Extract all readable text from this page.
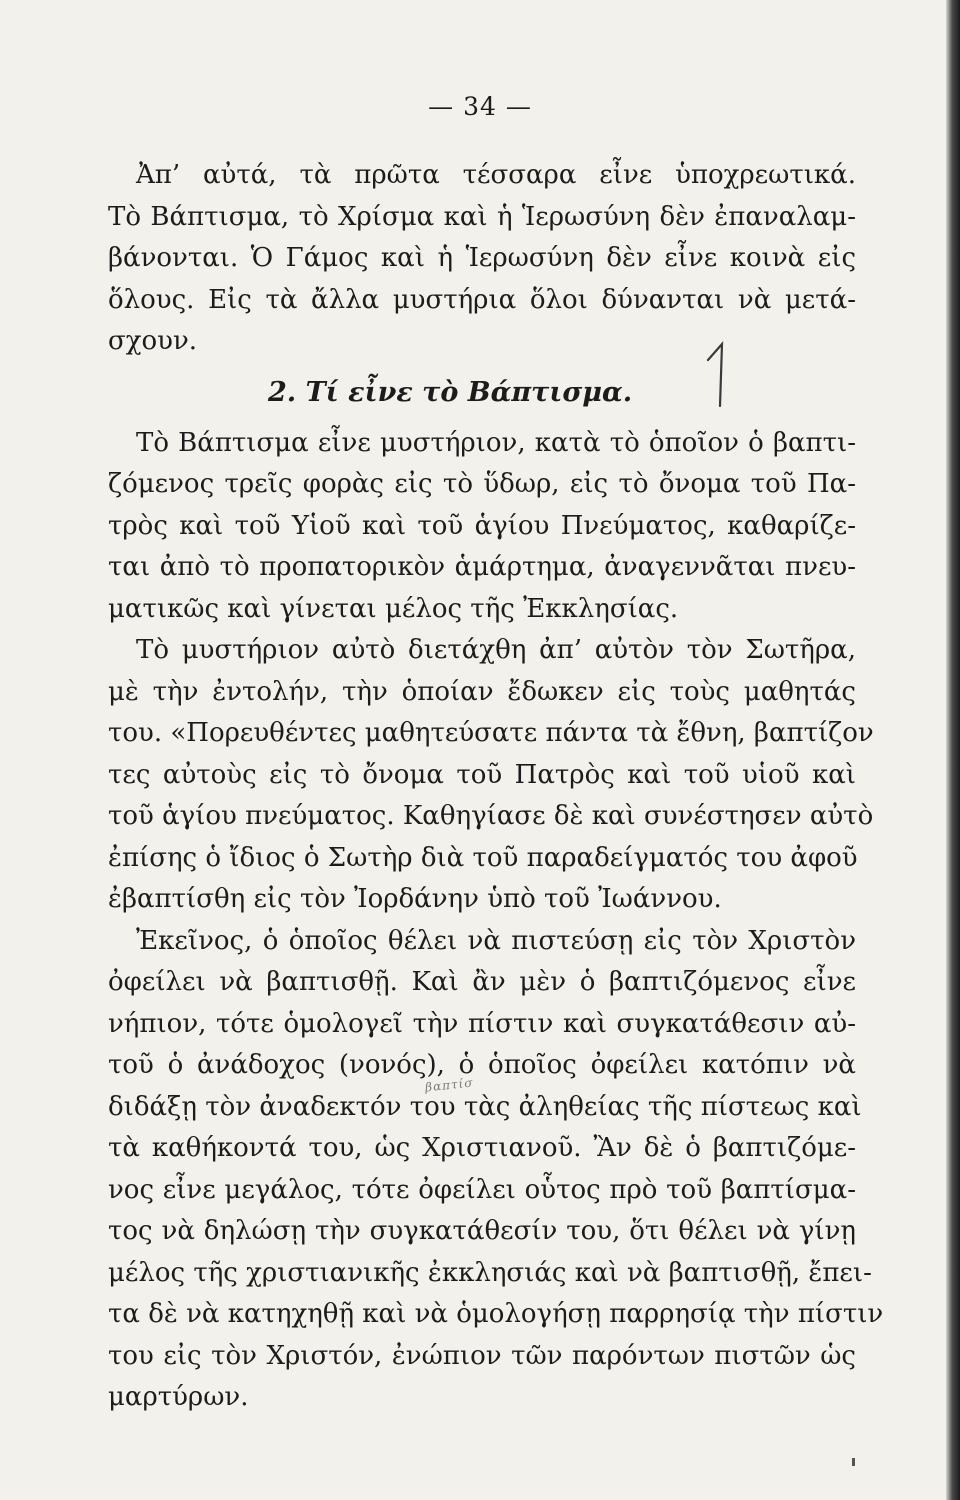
— 34 —
Ἀπ’ αὐτά, τὰ πρῶτα τέσσαρα εἶνε ὑποχρεωτικά.
Τὸ Βάπτισμα, τὸ Χρίσμα καὶ ἡ Ἱερωσύνη δὲν ἐπαναλαμ-
βάνονται. Ὁ Γάμος καὶ ἡ Ἱερωσύνη δὲν εἶνε κοινὰ εἰς
ὅλους. Εἰς τὰ ἄλλα μυστήρια ὅλοι δύνανται νὰ μετά-
σχουν.
2. Τί εἶνε τὸ Βάπτισμα.
Τὸ Βάπτισμα εἶνε μυστήριον, κατὰ τὸ ὁποῖον ὁ βαπτι-
ζόμενος τρεῖς φορὰς εἰς τὸ ὕδωρ, εἰς τὸ ὄνομα τοῦ Πα-
τρὸς καὶ τοῦ Υἱοῦ καὶ τοῦ ἁγίου Πνεύματος, καθαρίζε-
ται ἀπὸ τὸ προπατορικὸν ἁμάρτημα, ἀναγεννᾶται πνευ-
ματικῶς καὶ γίνεται μέλος τῆς Ἐκκλησίας.
Τὸ μυστήριον αὐτὸ διετάχθη ἀπ’ αὐτὸν τὸν Σωτῆρα,
μὲ τὴν ἐντολήν, τὴν ὁποίαν ἔδωκεν εἰς τοὺς μαθητάς
του. «Πορευθέντες μαθητεύσατε πάντα τὰ ἔθνη, βαπτίζον
τες αὐτοὺς εἰς τὸ ὄνομα τοῦ Πατρὸς καὶ τοῦ υἱοῦ καὶ
τοῦ ἁγίου πνεύματος. Καθηγίασε δὲ καὶ συνέστησεν αὐτὸ
ἐπίσης ὁ ἴδιος ὁ Σωτὴρ διὰ τοῦ παραδείγματός του ἀφοῦ
ἐβαπτίσθη εἰς τὸν Ἰορδάνην ὑπὸ τοῦ Ἰωάννου.
Ἐκεῖνος, ὁ ὁποῖος θέλει νὰ πιστεύσῃ εἰς τὸν Χριστὸν
ὀφείλει νὰ βαπτισθῇ. Καὶ ἂν μὲν ὁ βαπτιζόμενος εἶνε
νήπιον, τότε ὁμολογεῖ τὴν πίστιν καὶ συγκατάθεσιν αὐ-
τοῦ ὁ ἀνάδοχος (νονός), ὁ ὁποῖος ὀφείλει κατόπιν νὰ
διδάξῃ τὸν ἀναδεκτόν του τὰς ἀληθείας τῆς πίστεως καὶ
τὰ καθήκοντά του, ὡς Χριστιανοῦ. Ἂν δὲ ὁ βαπτιζόμε-
νος εἶνε μεγάλος, τότε ὀφείλει οὗτος πρὸ τοῦ βαπτίσμα-
τος νὰ δηλώσῃ τὴν συγκατάθεσίν του, ὅτι θέλει νὰ γίνῃ
μέλος τῆς χριστιανικῆς ἐκκλησιάς καὶ νὰ βαπτισθῇ, ἔπει-
τα δὲ νὰ κατηχηθῇ καὶ νὰ ὁμολογήσῃ παρρησίᾳ τὴν πίστιν
του εἰς τὸν Χριστόν, ἐνώπιον τῶν παρόντων πιστῶν ὡς
μαρτύρων.
βαπτίσ
